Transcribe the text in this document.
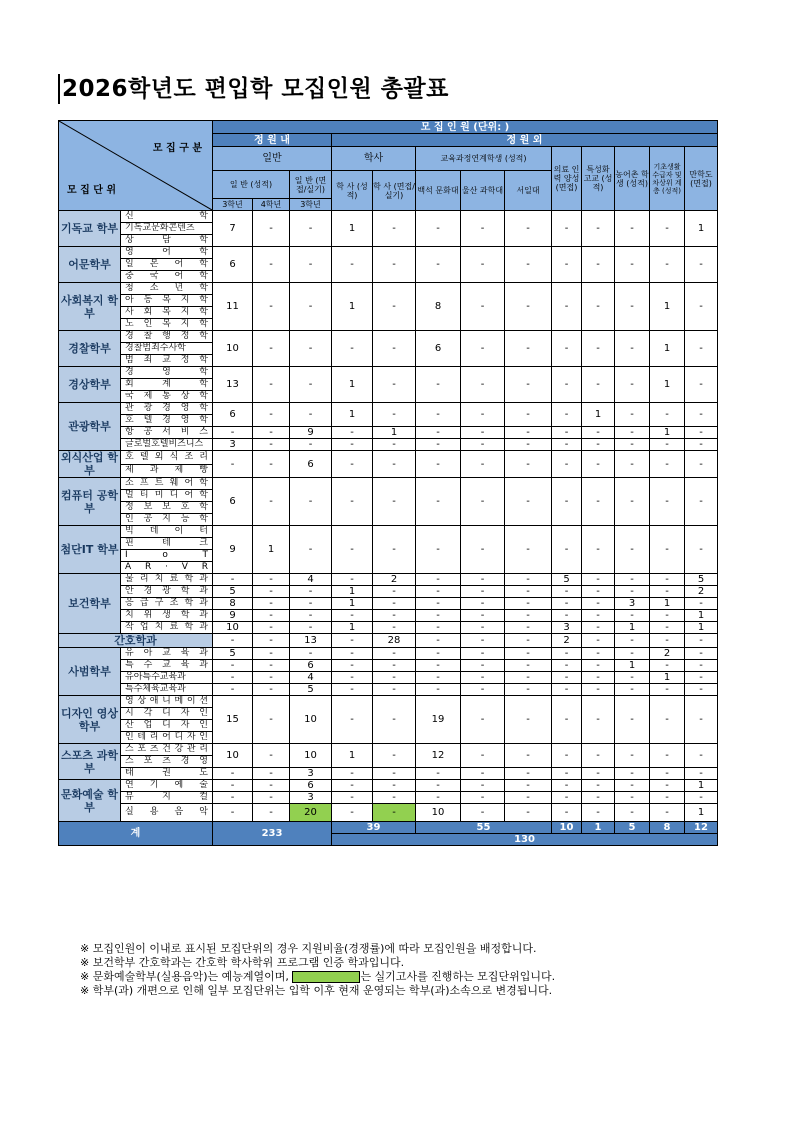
2026학년도 편입학 모집인원 총괄표
모 집 구 분
모 집 단 위		모 집 인 원 (단위: )												
		정 원 내			정 원 외									
		일반			학사		교육과정연계학생 (성적)			의료 인력 양성 (면접)	특성화 고교 (성적)	농어촌 학생 (성적)	기초생활 수급자 및 차상위 계층 (성적)	만학도 (면접)
		일 반 (성적)		일 반 (면접/실기)	학 사 (성적)	학 사 (면접/실기)	백석 문화대	울산 과학대	서일대					
		3학년	4학년	3학년										
기독교 학부	신 학	7	-	-	1	-	-	-	-	-	-	-	-	1
	기독교문화콘텐츠													
	상 담 학													
어문학부	영 어 학	6	-	-	-	-	-	-	-	-	-	-	-	-
	일 본 어 학													
	중 국 어 학													
사회복지 학부	청 소 년 학	11	-	-	1	-	8	-	-	-	-	-	1	-
	아 동 복 지 학													
	사 회 복 지 학													
	노 인 복 지 학													
경찰학부	경 찰 행 정 학	10	-	-	-	-	6	-	-	-	-	-	1	-
	경찰범죄수사학													
	범 죄 교 정 학													
경상학부	경 영 학	13	-	-	1	-	-	-	-	-	-	-	1	-
	회 계 학													
	국 제 통 상 학													
관광학부	관 광 경 영 학	6	-	-	1	-	-	-	-	-	1	-	-	-
	호 텔 경 영 학													
	항 공 서 비 스	-	-	9	-	1	-	-	-	-	-	-	1	-
	글로벌호텔비즈니스	3	-	-	-	-	-	-	-	-	-	-	-	-
외식산업 학부	호 텔 외 식 조 리	-	-	6	-	-	-	-	-	-	-	-	-	-
	제 과 제 빵													
컴퓨터 공학부	소 프 트 웨 어 학	6	-	-	-	-	-	-	-	-	-	-	-	-
	멀 티 미 디 어 학													
	정 보 보 호 학													
	인 공 지 능 학													
첨단IT 학부	빅 데 이 터	9	1	-	-	-	-	-	-	-	-	-	-	-
	핀 테 크													
	I o T													
	A R · V R													
보건학부	물 리 치 료 학 과	-	-	4	-	2	-	-	-	5	-	-	-	5
	안 경 광 학 과	5	-	-	1	-	-	-	-	-	-	-	-	2
	응 급 구 조 학 과	8	-	-	1	-	-	-	-	-	-	3	1	-
	치 위 생 학 과	9	-	-	-	-	-	-	-	-	-	-	-	1
	작 업 치 료 학 과	10	-	-	1	-	-	-	-	3	-	1	-	1
간호학과		-	-	13	-	28	-	-	-	2	-	-	-	-
사범학부	유 아 교 육 과	5	-	-	-	-	-	-	-	-	-	-	2	-
	특 수 교 육 과	-	-	6	-	-	-	-	-	-	-	1	-	-
	유아특수교육과	-	-	4	-	-	-	-	-	-	-	-	1	-
	특수체육교육과	-	-	5	-	-	-	-	-	-	-	-	-	-
디자인 영상학부	영 상 애 니 메 이 션	15	-	10	-	-	19	-	-	-	-	-	-	-
	시 각 디 자 인													
	산 업 디 자 인													
	인 테 리 어 디 자 인													
스포츠 과학부	스 포 츠 건 강 관 리	10	-	10	1	-	12	-	-	-	-	-	-	-
	스 포 츠 경 영													
	태 권 도	-	-	3	-	-	-	-	-	-	-	-	-	-
문화예술 학부	연 기 예 술	-	-	6	-	-	-	-	-	-	-	-	-	1
	뮤 지 컬	-	-	3	-	-	-	-	-	-	-	-	-	-
	실 용 음 악	-	-	20	-	-	10	-	-	-	-	-	-	1
계		233			39		55			10	1	5	8	12
					130									
※ 모집인원이 이내로 표시된 모집단위의 경우 지원비율(경쟁률)에 따라 모집인원을 배정합니다.
※ 보건학부 간호학과는 간호학 학사학위 프로그램 인증 학과입니다.
※ 문화예술학부(실용음악)는 예능계열이며,	는 실기고사를 진행하는 모집단위입니다.
※ 학부(과) 개편으로 인해 일부 모집단위는 입학 이후 현재 운영되는 학부(과)소속으로 변경됩니다.
